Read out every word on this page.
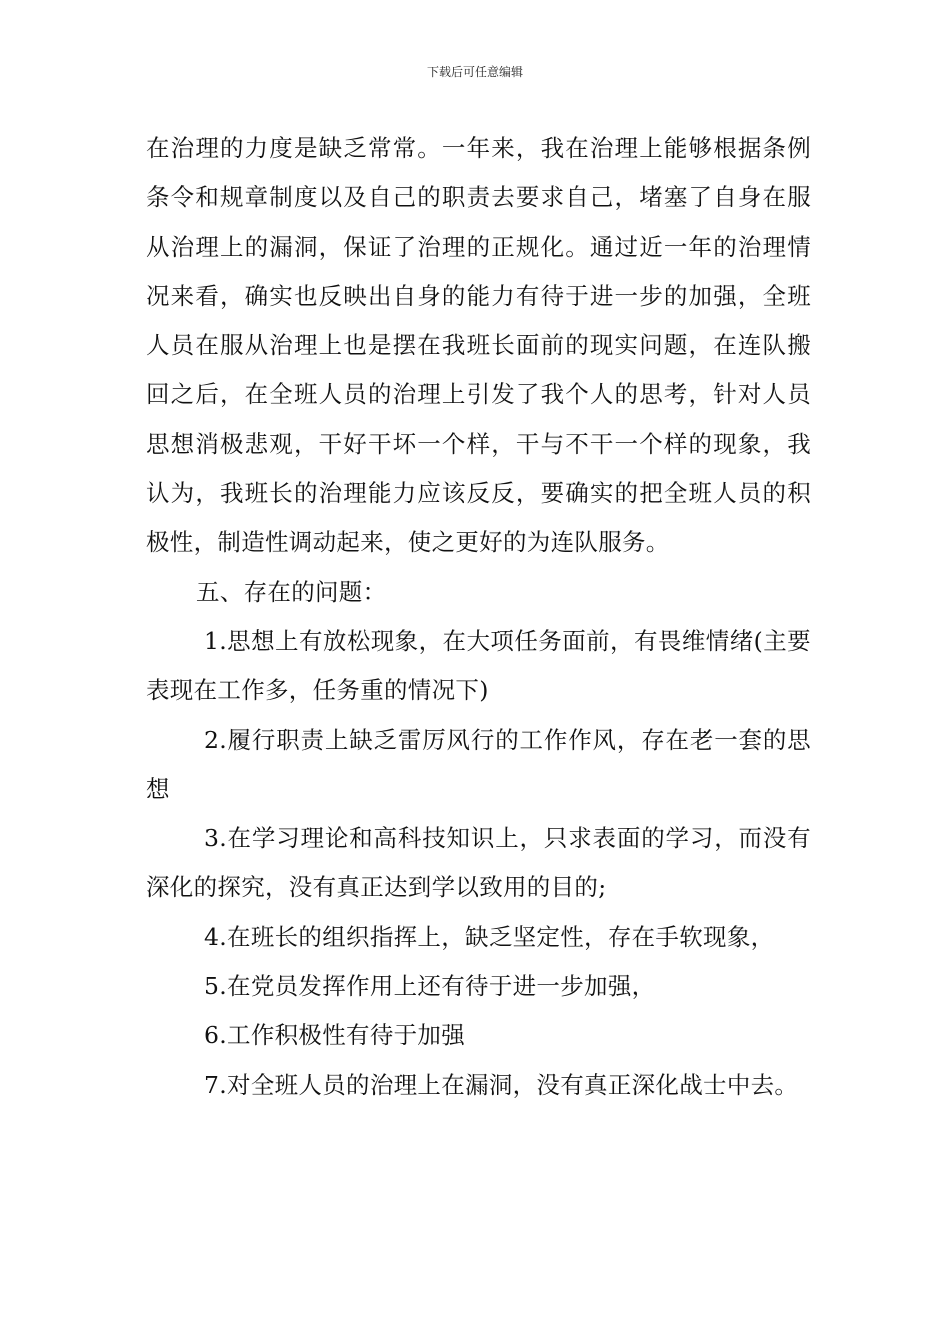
下载后可任意编辑

在治理的力度是缺乏常常。一年来，我在治理上能够根据条例条令和规章制度以及自己的职责去要求自己，堵塞了自身在服从治理上的漏洞，保证了治理的正规化。通过近一年的治理情况来看，确实也反映出自身的能力有待于进一步的加强，全班人员在服从治理上也是摆在我班长面前的现实问题，在连队搬回之后，在全班人员的治理上引发了我个人的思考，针对人员思想消极悲观，干好干坏一个样，干与不干一个样的现象，我认为，我班长的治理能力应该反反，要确实的把全班人员的积极性，制造性调动起来，使之更好的为连队服务。

五、存在的问题：

1.思想上有放松现象，在大项任务面前，有畏维情绪(主要表现在工作多，任务重的情况下)

2.履行职责上缺乏雷厉风行的工作作风，存在老一套的思想

3.在学习理论和高科技知识上，只求表面的学习，而没有深化的探究，没有真正达到学以致用的目的;

4.在班长的组织指挥上，缺乏坚定性，存在手软现象，

5.在党员发挥作用上还有待于进一步加强，

6.工作积极性有待于加强

7.对全班人员的治理上在漏洞，没有真正深化战士中去。
